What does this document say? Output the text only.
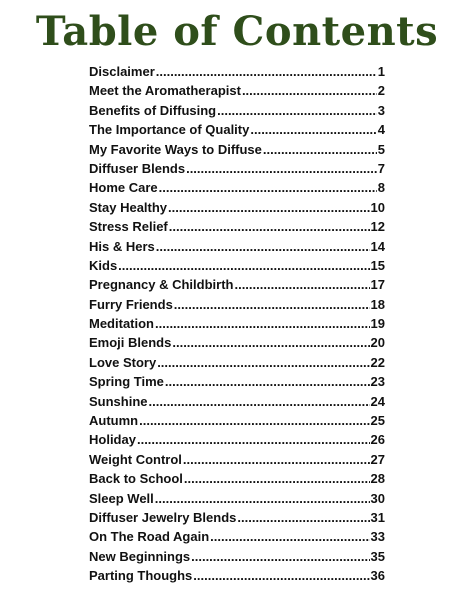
Table of Contents
Disclaimer .....	1
Meet the Aromatherapist .....	2
Benefits of Diffusing .....	3
The Importance of Quality .....	4
My Favorite Ways to Diffuse .....	5
Diffuser Blends .....	7
Home Care .....	8
Stay Healthy .....	10
Stress Relief .....	12
His & Hers .....	14
Kids .....	15
Pregnancy & Childbirth .....	17
Furry Friends .....	18
Meditation .....	19
Emoji Blends .....	20
Love Story .....	22
Spring Time .....	23
Sunshine .....	24
Autumn .....	25
Holiday .....	26
Weight Control .....	27
Back to School .....	28
Sleep Well .....	30
Diffuser Jewelry Blends .....	31
On The Road Again .....	33
New Beginnings .....	35
Parting Thoughs .....	36
